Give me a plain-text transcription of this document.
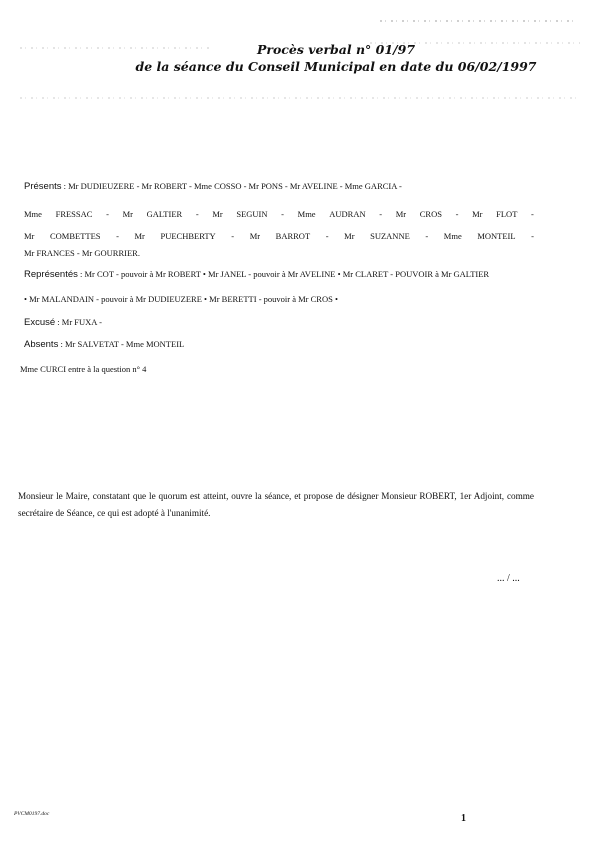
Procès verbal n° 01/97

de la séance du Conseil Municipal en date du 06/02/1997

Présents : Mr DUDIEUZERE - Mr ROBERT - Mme COSSO - Mr PONS - Mr AVELINE - Mme GARCIA -
Mme FRESSAC - Mr GALTIER - Mr SEGUIN - Mme AUDRAN - Mr CROS - Mr FLOT -
Mr COMBETTES - Mr PUECHBERTY - Mr BARROT - Mr SUZANNE - Mme MONTEIL -
Mr FRANCES - Mr GOURRIER.
Représentés : Mr COT - pouvoir à Mr ROBERT • Mr JANEL - pouvoir à Mr AVELINE • Mr CLARET - POUVOIR à Mr GALTIER
• Mr MALANDAIN - pouvoir à Mr DUDIEUZERE • Mr BERETTI - pouvoir à Mr CROS •
Excusé : Mr FUXA -
Absents : Mr SALVETAT - Mme MONTEIL
Mme CURCI entre à la question n° 4

Monsieur le Maire, constatant que le quorum est atteint, ouvre la séance, et propose de désigner Monsieur ROBERT, 1er Adjoint, comme secrétaire de Séance, ce qui est adopté à l'unanimité.

... / ...
PVCM0197.doc	1
